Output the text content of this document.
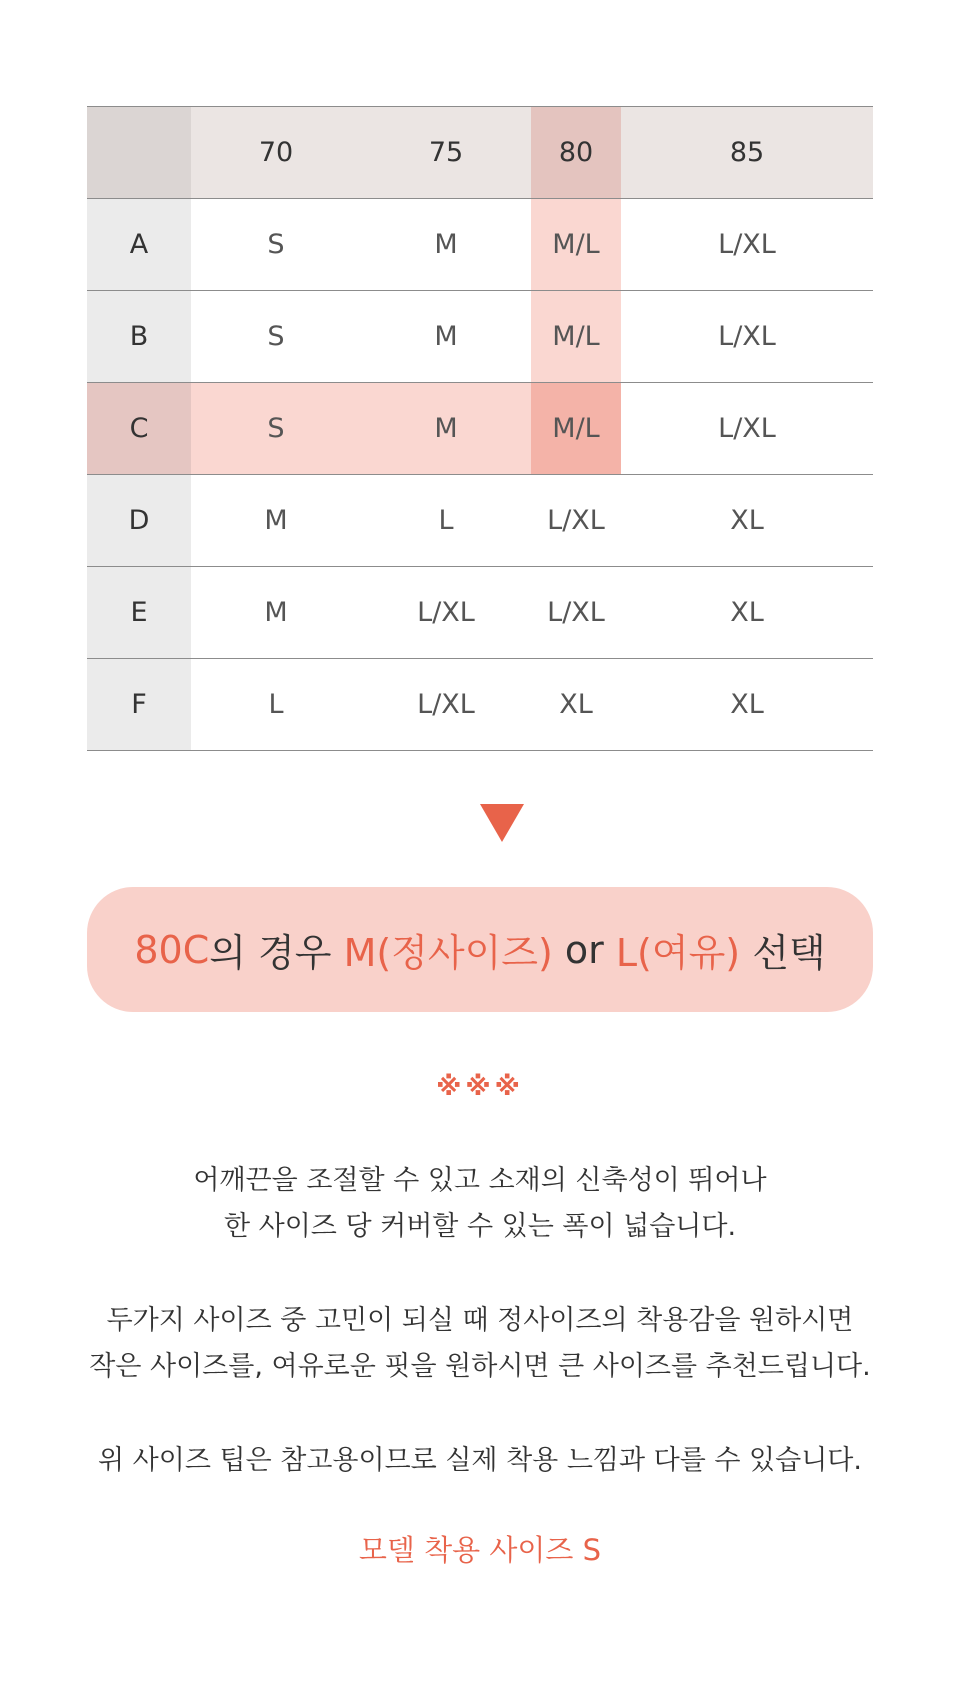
	70	75	80	85
A	S	M	M/L	L/XL
B	S	M	M/L	L/XL
C	S	M	M/L	L/XL
D	M	L	L/XL	XL
E	M	L/XL	L/XL	XL
F	L	L/XL	XL	XL
80C 의 경우 M(정사이즈) or L(여유) 선택
※※※

어깨끈을 조절할 수 있고 소재의 신축성이 뛰어나

한 사이즈 당 커버할 수 있는 폭이 넓습니다.

두가지 사이즈 중 고민이 되실 때 정사이즈의 착용감을 원하시면

작은 사이즈를, 여유로운 핏을 원하시면 큰 사이즈를 추천드립니다.

위 사이즈 팁은 참고용이므로 실제 착용 느낌과 다를 수 있습니다.

모델 착용 사이즈 S
